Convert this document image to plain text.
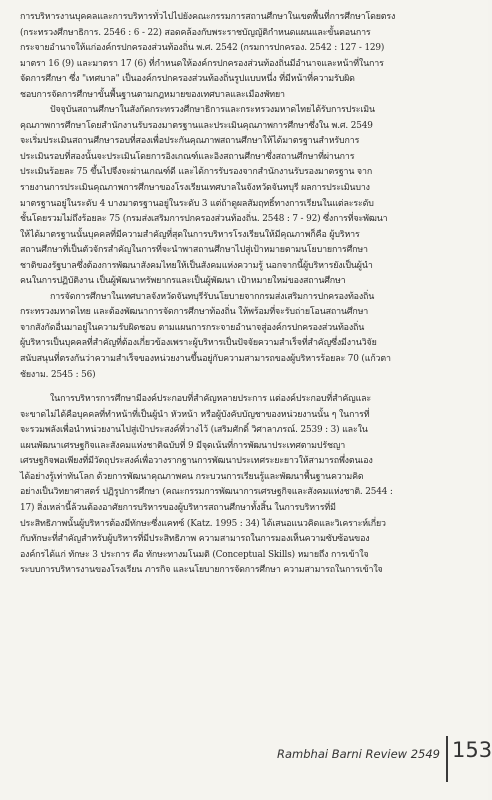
การบริหารงานบุคคลและการบริหารทั่วไปไปยังคณะกรรมการสถานศึกษาในเขตพื้นที่การศึกษาโดยตรง
(กระทรวงศึกษาธิการ. 2546 : 6 - 22) สอดคล้องกับพระราชบัญญัติกำหนดแผนและขั้นตอนการ
กระจายอำนาจให้แก่องค์กรปกครองส่วนท้องถิ่น พ.ศ. 2542 (กรมการปกครอง. 2542 : 127 - 129)
มาตรา 16 (9) และมาตรา 17 (6) ที่กำหนดให้องค์กรปกครองส่วนท้องถิ่นมีอำนาจและหน้าที่ในการ
จัดการศึกษา ซึ่ง "เทศบาล" เป็นองค์กรปกครองส่วนท้องถิ่นรูปแบบหนึ่ง ที่มีหน้าที่ความรับผิด
ชอบการจัดการศึกษาขั้นพื้นฐานตามกฎหมายของเทศบาลและเมืองพัทยา
ปัจจุบันสถานศึกษาในสังกัดกระทรวงศึกษาธิการและกระทรวงมหาดไทยได้รับการประเมิน
คุณภาพการศึกษาโดยสำนักงานรับรองมาตรฐานและประเมินคุณภาพการศึกษาซึ่งใน พ.ศ. 2549
จะเริ่มประเมินสถานศึกษารอบที่สองเพื่อประกันคุณภาพสถานศึกษาให้ได้มาตรฐานสำหรับการ
ประเมินรอบที่สองนั้นจะประเมินโดยการอิงเกณฑ์และอิงสถานศึกษาซึ่งสถานศึกษาที่ผ่านการ
ประเมินร้อยละ 75 ขึ้นไปจึงจะผ่านเกณฑ์ดี และได้การรับรองจากสำนักงานรับรองมาตรฐาน จาก
รายงานการประเมินคุณภาพการศึกษาของโรงเรียนเทศบาลในจังหวัดจันทบุรี ผลการประเมินบาง
มาตรฐานอยู่ในระดับ 4 บางมาตรฐานอยู่ในระดับ 3 แต่ถ้าดูผลสัมฤทธิ์ทางการเรียนในแต่ละระดับ
ชั้นโดยรวมไม่ถึงร้อยละ 75 (กรมส่งเสริมการปกครองส่วนท้องถิ่น. 2548 : 7 - 92) ซึ่งการที่จะพัฒนา
ให้ได้มาตรฐานนั้นบุคคลที่มีความสำคัญที่สุดในการบริหารโรงเรียนให้มีคุณภาพก็คือ ผู้บริหาร
สถานศึกษาที่เป็นตัวจักรสำคัญในการที่จะนำพาสถานศึกษาไปสู่เป้าหมายตามนโยบายการศึกษา
ชาติของรัฐบาลซึ่งต้องการพัฒนาสังคมไทยให้เป็นสังคมแห่งความรู้ นอกจากนี้ผู้บริหารยังเป็นผู้นำ
คนในการปฏิบัติงาน เป็นผู้พัฒนาทรัพยากรและเป็นผู้พัฒนา เป้าหมายใหม่ของสถานศึกษา
การจัดการศึกษาในเทศบาลจังหวัดจันทบุรีรับนโยบายจากกรมส่งเสริมการปกครองท้องถิ่น
กระทรวงมหาดไทย และต้องพัฒนาการจัดการศึกษาท้องถิ่น ให้พร้อมที่จะรับถ่ายโอนสถานศึกษา
จากสังกัดอื่นมาอยู่ในความรับผิดชอบ ตามแผนการกระจายอำนาจสู่องค์กรปกครองส่วนท้องถิ่น
ผู้บริหารเป็นบุคคลที่สำคัญที่ต้องเกี่ยวข้องเพราะผู้บริหารเป็นปัจจัยความสำเร็จที่สำคัญซึ่งมีงานวิจัย
สนับสนุนที่ตรงกันว่าความสำเร็จของหน่วยงานขึ้นอยู่กับความสามารถของผู้บริหารร้อยละ 70 (แก้วตา
ชัยงาม. 2545 : 56)
ในการบริหารการศึกษามีองค์ประกอบที่สำคัญหลายประการ แต่องค์ประกอบที่สำคัญและ
จะขาดไม่ได้คือบุคคลที่ทำหน้าที่เป็นผู้นำ หัวหน้า หรือผู้บังคับบัญชาของหน่วยงานนั้น ๆ ในการที่
จะรวมพลังเพื่อนำหน่วยงานไปสู่เป้าประสงค์ที่วางไว้ (เสริมศักดิ์ วิศาลาภรณ์. 2539 : 3) และใน
แผนพัฒนาเศรษฐกิจและสังคมแห่งชาติฉบับที่ 9 มีจุดเน้นที่การพัฒนาประเทศตามปรัชญา
เศรษฐกิจพอเพียงที่มีวัตถุประสงค์เพื่อวางรากฐานการพัฒนาประเทศระยะยาวให้สามารถพึ่งตนเอง
ได้อย่างรู้เท่าทันโลก ด้วยการพัฒนาคุณภาพคน กระบวนการเรียนรู้และพัฒนาพื้นฐานความคิด
อย่างเป็นวิทยาศาสตร์ ปฏิรูปการศึกษา (คณะกรรมการพัฒนาการเศรษฐกิจและสังคมแห่งชาติ. 2544 :
17) สิ่งเหล่านี้ล้วนต้องอาศัยการบริหารของผู้บริหารสถานศึกษาทั้งสิ้น ในการบริหารที่มี
ประสิทธิภาพนั้นผู้บริหารต้องมีทักษะซึ่งแคทซ์ (Katz. 1995 : 34) ได้เสนอแนวคิดและวิเคราะห์เกี่ยว
กับทักษะที่สำคัญสำหรับผู้บริหารที่มีประสิทธิภาพ ความสามารถในการมองเห็นความซับซ้อนของ
องค์กรได้แก่ ทักษะ 3 ประการ คือ ทักษะทางมโนมติ (Conceptual Skills) หมายถึง การเข้าใจ
ระบบการบริหารงานของโรงเรียน ภารกิจ และนโยบายการจัดการศึกษา ความสามารถในการเข้าใจ
Rambhai Barni Review 2549 153
